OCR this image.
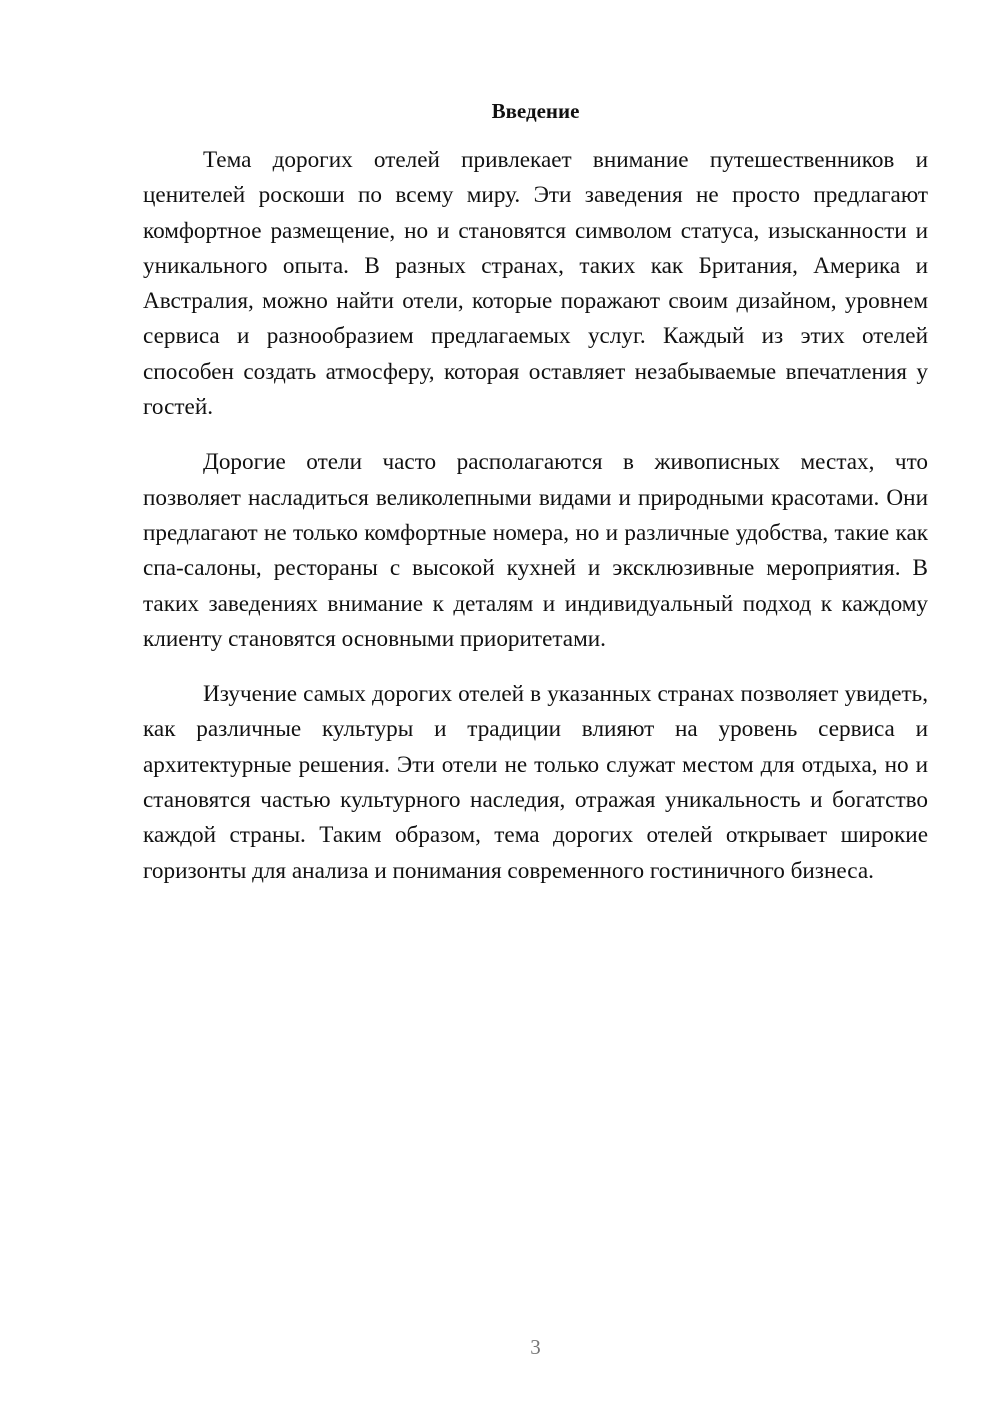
Введение

Тема дорогих отелей привлекает внимание путешественников и ценителей роскоши по всему миру. Эти заведения не просто предлагают комфортное размещение, но и становятся символом статуса, изысканности и уникального опыта. В разных странах, таких как Британия, Америка и Австралия, можно найти отели, которые поражают своим дизайном, уровнем сервиса и разнообразием предлагаемых услуг. Каждый из этих отелей способен создать атмосферу, которая оставляет незабываемые впечатления у гостей.

Дорогие отели часто располагаются в живописных местах, что позволяет насладиться великолепными видами и природными красотами. Они предлагают не только комфортные номера, но и различные удобства, такие как спа-салоны, рестораны с высокой кухней и эксклюзивные мероприятия. В таких заведениях внимание к деталям и индивидуальный подход к каждому клиенту становятся основными приоритетами.

Изучение самых дорогих отелей в указанных странах позволяет увидеть, как различные культуры и традиции влияют на уровень сервиса и архитектурные решения. Эти отели не только служат местом для отдыха, но и становятся частью культурного наследия, отражая уникальность и богатство каждой страны. Таким образом, тема дорогих отелей открывает широкие горизонты для анализа и понимания современного гостиничного бизнеса.

3
